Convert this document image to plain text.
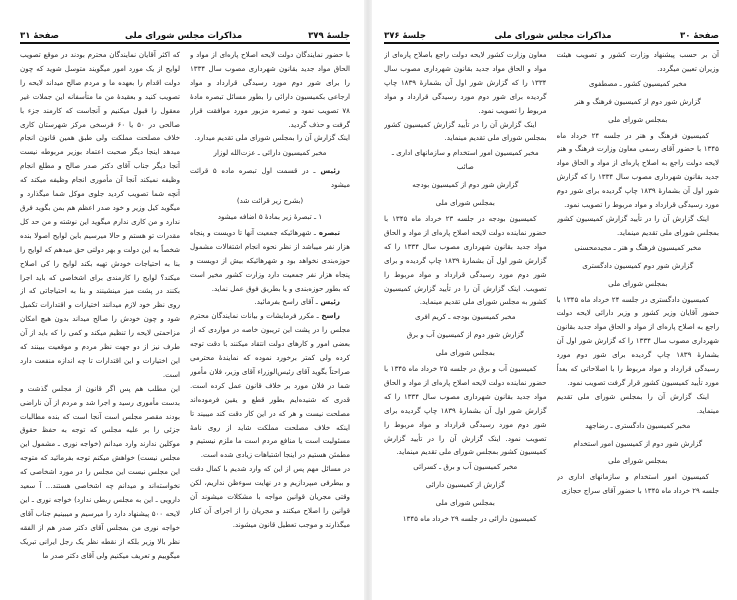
جلسهٔ ۳۷۹
مذاکرات مجلس شورای ملی
صفحهٔ ۳۱

با حضور نمایندگان دولت لایحه اصلاح پاره‌ای از مواد و الحاق مواد جدید بقانون شهرداری مصوب سال ۱۳۳۴ را برای شور دوم مورد رسیدگی قرارداد و مواد ارجاعی بکمیسیون دارائی را بطور مسائل تبصره مادهٔ ۷۸ تصویب نمود و تبصره مزبور مورد موافقت قرار گرفت و حذف گردید.

اینک گزارش آن را بمجلس شورای ملی تقدیم میدارد.

مخبر کمیسیون دارائی ـ عزت‌الله لوزار

رئیس ـ در قسمت اول تبصره ماده ۵ قرائت میشود

(بشرح زیر قرائت شد)

۱ ـ تبصرهٔ زیر بمادهٔ ۵ اضافه میشود

تبصره ـ شهرهائیکه جمعیت آنها تا دویست و پنجاه هزار نفر میباشد از نظر نحوه انجام اشتغالات مشمول حوزه‌بندی نخواهد بود و شهرهائیکه بیش از دویست و پنجاه هزار نفر جمعیت دارد وزارت کشور مخیر است که بطور حوزه‌بندی و یا بطریق فوق عمل نماید.

رئیس ـ آقای راسخ بفرمائید.

راسخ ـ مکرر فرمایشات و بیانات نمایندگان محترم مجلس را در پشت این تریبون خاصه در مواردی که از بعضی امور و کارهای دولت انتقاد میکنند با دقت توجه کرده ولی کمتر برخورد نموده که نمایندهٔ محترمی صراحتاً بگوید آقای رئیس‌الوزراء آقای وزیر، فلان مأمور شما در فلان مورد بر خلاف قانون عمل کرده است. قدری که شنیده‌ایم بطور قطع و یقین فرموده‌اند مصلحت نیست و هر که در این کار دقت کند میبیند تا اینکه خلاف مصلحت مملکت شاید از روی نامهٔ مسئولیت است یا منافع مردم است ما ملزم نیستیم و مطمئن هستیم در اینجا اشتباهات زیادی شده است.

در مسائل مهم پس از این که وارد شدیم با کمال دقت و بیطرفی میپردازیم و در نهایت سوء‌ظن نداریم، لکن وقتی مجریان قوانین مواجه با مشکلات میشوند آن قوانین را اصلاح میکنند و مجریان را از اجرای آن کنار میگذارند و موجب تعطیل قانون میشوند.

که اکثر آقایان نمایندگان محترم بودند در موقع تصویب لوایح از یک مورد امور میگویند متوسل شوید که چون دولت اقدام را بعهده ما و مردم صالح میداند لایحه را تصویب کنید و بعقیدهٔ من ما متأسفانه این جملات غیر معقول را قبول میکنیم و آنجاست که کارمند جزء با صالحی در ۵۰ یا ۶۰ فرسخی مرکز شهرستان کاری خلاف مصلحت مملکت ولی طبق همین قانون انجام میدهد اینجا دیگر صحبت اعتماد بوزیر مربوطه نیست آنجا دیگر جناب آقای دکتر صدر صالح و مطلع انجام وظیفه نمیکند آنجا آن مأموری انجام وظیفه میکند که آنچه شما تصویب کردید جلوی موکل شما میگذارد و میگوید کیل وزیر و خود صدر اعظم هم بمن بگوید فرق ندارد و من کاری ندارم میگوید این نوشته و من حد کل مقدرات تو هستم و حالا میرسیم باین لوایح اصولا بنده شخصاً به این دولت و بهر دولتی حق میدهم که لوایح را بنا به احتیاجات خودش تهیه بکند لوایح را کی اصلاح میکند؟ لوایح را کارمندی برای اشخاصی که باید اجرا بکنند در پشت میز مینشینند و بنا به احتیاجاتی که از روی نظر خود لازم میدانند اختیارات و اقتدارات تکمیل شود و چون خودش را صالح میداند بدون هیچ امکان مزاحمتی لایحه را تنظیم میکند و کمی را که باید از آن طرف نیز از دو جهت نظر مردم و موقعیت ببینند که این اختیارات و این اقتدارات تا چه اندازه منفعت دارد است.

این مطلب هم پس اگر قانون از مجلس گذشت و بدست مأموری رسید و اجرا شد و مردم از آن ناراضی بودند مقصر مجلس است آنجا است که بنده مطالبات جزئی را بر علیه مجلس که توجه به حفظ حقوق موکلین ندارند وارد میدانم (خواجه نوری ـ مشمول این مجلس نیست) خواهش میکنم توجه بفرمائید که متوجه این مجلس نیست این مجلس را در مورد اشخاصی که نخواسته‌اند و میدانم چه اشخاصی هستند... آ سعید دارویی ـ این به مجلس ربطی ندارد) خواجه نوری ـ این لایحه ۵۰۰ پیشنهاد دارد را میرسیم و میبینیم جناب آقای خواجه نوری من بمجلس آقای دکتر صدر هم از الفقه نظر بالا وزیر بلکه از نقطه نظر یک رجل ایرانی تبریک میگوییم و تعریف میکنیم ولی آقای دکتر صدر ما

صفحهٔ ۳۰
مذاکرات مجلس شورای ملی
جلسهٔ ۳۷۶

آن بر حسب پیشنهاد وزارت کشور و تصویب هیئت وزیران تعیین میگردد.

مخبر کمیسیون کشور ـ مصطفوی

گزارش شور دوم از کمیسیون فرهنگ و هنر

بمجلس شورای ملی

کمیسیون فرهنگ و هنر در جلسه ۲۴ خرداد ماه ۱۳۴۵ با حضور آقای رسمی معاون وزارت فرهنگ و هنر لایحه دولت راجع به اصلاح پاره‌ای از مواد و الحاق مواد جدید بقانون شهرداری مصوب سال ۱۳۳۴ را که گزارش شور اول آن بشمارهٔ ۱۸۳۹ چاپ گردیده برای شور دوم مورد رسیدگی قرارداد و مواد مربوط را تصویب نمود.

اینک گزارش آن را در تأیید گزارش کمیسیون کشور بمجلس شورای ملی تقدیم مینماید.

مخبر کمیسیون فرهنگ و هنر ـ مجیدمحسنی

گزارش شور دوم کمیسیون دادگستری

بمجلس شورای ملی

کمیسیون دادگستری در جلسه ۲۴ خرداد ماه ۱۳۴۵ با حضور آقایان وزیر کشور و وزیر دارائی لایحه دولت راجع به اصلاح پاره‌ای از مواد و الحاق مواد جدید بقانون شهرداری مصوب سال ۱۳۳۴ را که گزارش شور اول آن بشمارهٔ ۱۸۳۹ چاپ گردیده برای شور دوم مورد رسیدگی قرارداد و مواد مربوط را با اصلاحاتی که بعداً مورد تأیید کمیسیون کشور قرار گرفت تصویب نمود.

اینک گزارش آن را بمجلس شورای ملی تقدیم مینماید.

مخبر کمیسیون دادگستری ـ رضاجهد

گزارش شور دوم از کمیسیون امور استخدام

بمجلس شورای ملی

کمیسیون امور استخدام و سازمانهای اداری در جلسه ۲۹ خرداد ماه ۱۳۴۵ با حضور آقای سراج حجازی

معاون وزارت کشور لایحه دولت راجع باصلاح پاره‌ای از مواد و الحاق مواد جدید بقانون شهرداری مصوب سال ۱۳۳۴ را که گزارش شور اول آن بشمارهٔ ۱۸۳۹ چاپ گردیده برای شور دوم مورد رسیدگی قرارداد و مواد مربوط را تصویب نمود.

اینک گزارش آن را در تأیید گزارش کمیسیون کشور بمجلس شورای ملی تقدیم مینماید.

مخبر کمیسیون امور استخدام و سازمانهای اداری ـ صائب

گزارش شور دوم از کمیسیون بودجه

بمجلس شورای ملی

کمیسیون بودجه در جلسه ۲۳ خرداد ماه ۱۳۴۵ با حضور نماینده دولت لایحه اصلاح پاره‌ای از مواد و الحاق مواد جدید بقانون شهرداری مصوب سال ۱۳۳۴ را که گزارش شور اول آن بشمارهٔ ۱۸۳۹ چاپ گردیده و برای شور دوم مورد رسیدگی قرارداد و مواد مربوط را تصویب. اینک گزارش آن را در تأیید گزارش کمیسیون کشور به مجلس شورای ملی تقدیم مینماید.

مخبر کمیسیون بودجه ـ کریم افری

گزارش شور دوم از کمیسیون آب و برق

بمجلس شورای ملی

کمیسیون آب و برق در جلسه ۲۵ خرداد ماه ۱۳۴۵ با حضور نماینده دولت لایحه اصلاح پاره‌ای از مواد و الحاق مواد جدید بقانون شهرداری مصوب سال ۱۳۳۴ را که گزارش شور اول آن بشمارهٔ ۱۸۳۹ چاپ گردیده برای شور دوم مورد رسیدگی قرارداد و مواد مربوط را تصویب نمود. اینک گزارش آن را در تأیید گزارش کمیسیون کشور بمجلس شورای ملی تقدیم مینماید.

مخبر کمیسیون آب و برق ـ کسرائی

گزارش از کمیسیون دارائی

بمجلس شورای ملی

کمیسیون دارائی در جلسه ۲۹ خرداد ماه ۱۳۴۵
